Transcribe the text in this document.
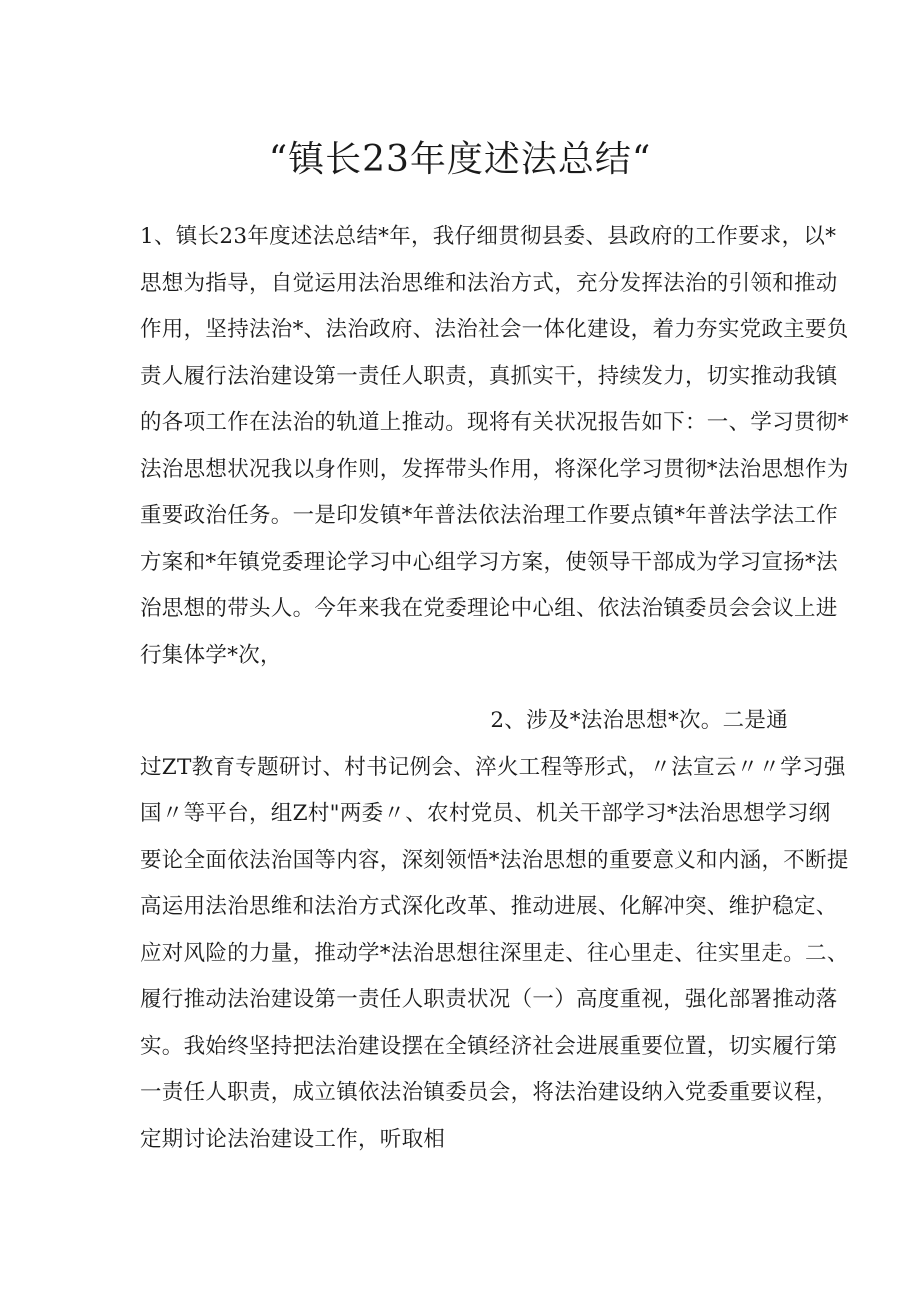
“镇长23年度述法总结“
1、镇长23年度述法总结*年，我仔细贯彻县委、县政府的工作要求，以*
思想为指导，自觉运用法治思维和法治方式，充分发挥法治的引领和推动
作用，坚持法治*、法治政府、法治社会一体化建设，着力夯实党政主要负
责人履行法治建设第一责任人职责，真抓实干，持续发力，切实推动我镇
的各项工作在法治的轨道上推动。现将有关状况报告如下：一、学习贯彻*
法治思想状况我以身作则，发挥带头作用，将深化学习贯彻*法治思想作为
重要政治任务。一是印发镇*年普法依法治理工作要点镇*年普法学法工作
方案和*年镇党委理论学习中心组学习方案，使领导干部成为学习宣扬*法
治思想的带头人。今年来我在党委理论中心组、依法治镇委员会会议上进
行集体学*次，
2、涉及*法治思想*次。二是通
过ZT教育专题研讨、村书记例会、淬火工程等形式，〃法宣云〃〃学习强
国〃等平台，组Z村"两委〃、农村党员、机关干部学习*法治思想学习纲
要论全面依法治国等内容，深刻领悟*法治思想的重要意义和内涵，不断提
高运用法治思维和法治方式深化改革、推动进展、化解冲突、维护稳定、
应对风险的力量，推动学*法治思想往深里走、往心里走、往实里走。二、
履行推动法治建设第一责任人职责状况（一）高度重视，强化部署推动落
实。我始终坚持把法治建设摆在全镇经济社会进展重要位置，切实履行第
一责任人职责，成立镇依法治镇委员会，将法治建设纳入党委重要议程，
定期讨论法治建设工作，听取相
